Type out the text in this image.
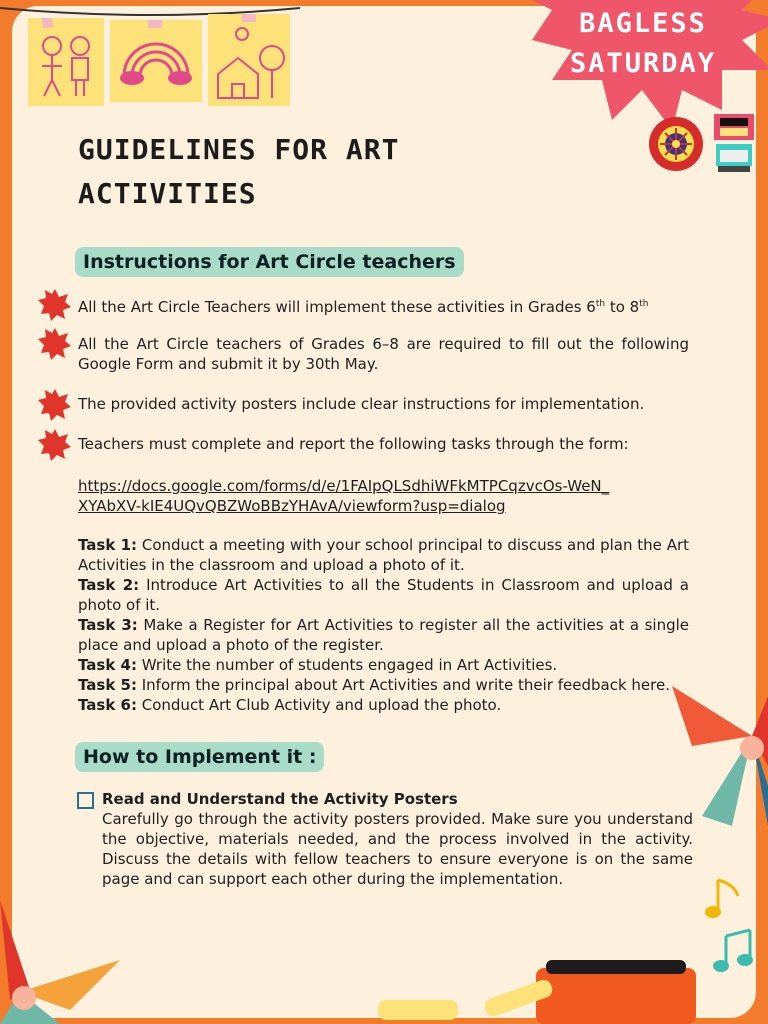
BAGLESS
SATURDAY
GUIDELINES FOR ART
ACTIVITIES
Instructions for Art Circle teachers
All the Art Circle Teachers will implement these activities in Grades 6th to 8th
All the Art Circle teachers of Grades 6–8 are required to fill out the following Google Form and submit it by 30th May.
The provided activity posters include clear instructions for implementation.
Teachers must complete and report the following tasks through the form:
https://docs.google.com/forms/d/e/1FAIpQLSdhiWFkMTPCqzvcOs-WeN_XYAbXV-kIE4UQvQBZWoBBzYHAvA/viewform?usp=dialog
Task 1: Conduct a meeting with your school principal to discuss and plan the Art Activities in the classroom and upload a photo of it.
Task 2: Introduce Art Activities to all the Students in Classroom and upload a photo of it.
Task 3: Make a Register for Art Activities to register all the activities at a single place and upload a photo of the register.
Task 4: Write the number of students engaged in Art Activities.
Task 5: Inform the principal about Art Activities and write their feedback here.
Task 6: Conduct Art Club Activity and upload the photo.
How to Implement it :
Read and Understand the Activity Posters
Carefully go through the activity posters provided. Make sure you understand the objective, materials needed, and the process involved in the activity. Discuss the details with fellow teachers to ensure everyone is on the same page and can support each other during the implementation.
